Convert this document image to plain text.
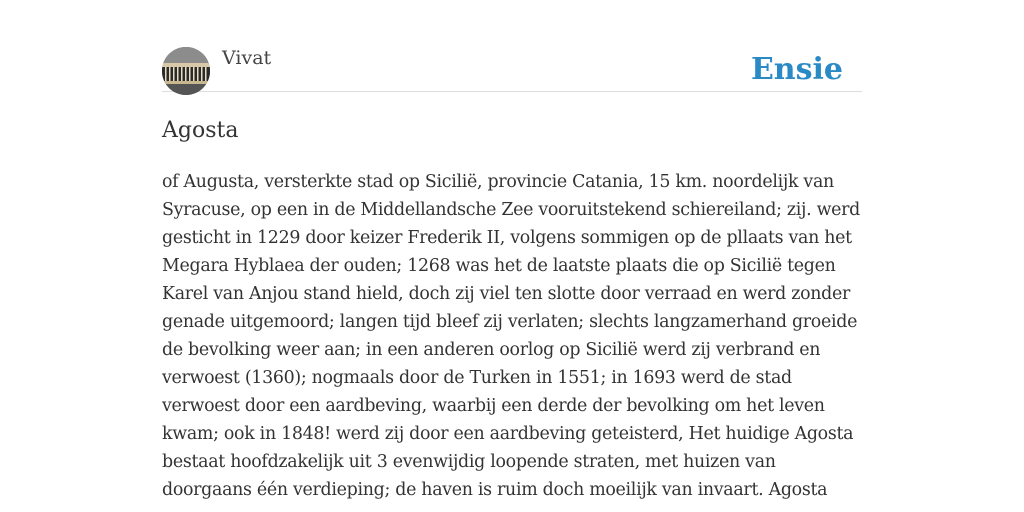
Vivat	Ensie
Agosta

of Augusta, versterkte stad op Sicilië, provincie Catania, 15 km. noordelijk van
Syracuse, op een in de Middellandsche Zee vooruitstekend schiereiland; zij. werd
gesticht in 1229 door keizer Frederik II, volgens sommigen op de pllaats van het
Megara Hyblaea der ouden; 1268 was het de laatste plaats die op Sicilië tegen
Karel van Anjou stand hield, doch zij viel ten slotte door verraad en werd zonder
genade uitgemoord; langen tijd bleef zij verlaten; slechts langzamerhand groeide
de bevolking weer aan; in een anderen oorlog op Sicilië werd zij verbrand en
verwoest (1360); nogmaals door de Turken in 1551; in 1693 werd de stad
verwoest door een aardbeving, waarbij een derde der bevolking om het leven
kwam; ook in 1848! werd zij door een aardbeving geteisterd, Het huidige Agosta
bestaat hoofdzakelijk uit 3 evenwijdig loopende straten, met huizen van
doorgaans één verdieping; de haven is ruim doch moeilijk van invaart. Agosta
